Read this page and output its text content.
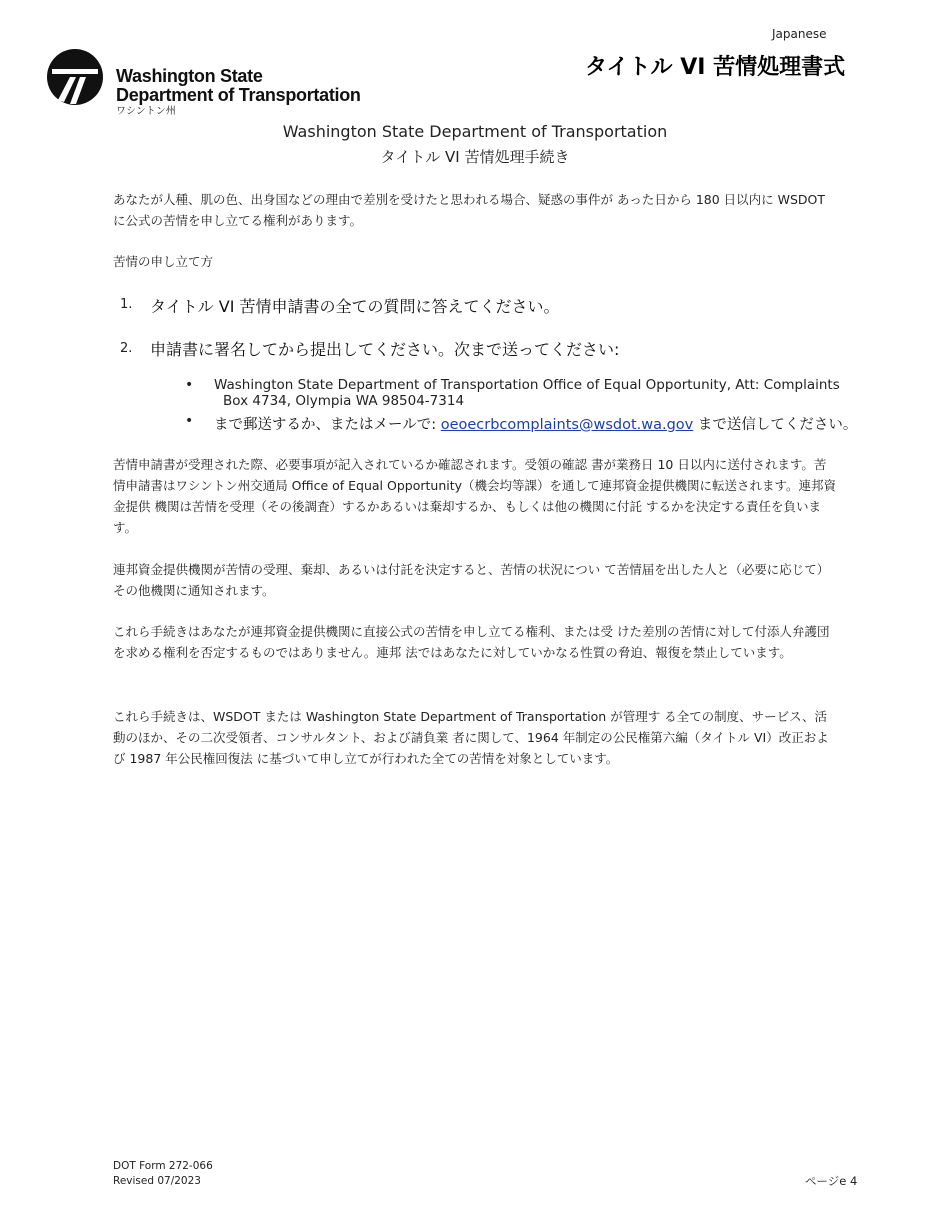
Japanese
タイトル VI 苦情処理書式
Washington State
Department of Transportation
ワシントン州
Washington State Department of Transportation
タイトル VI 苦情処理手続き
あなたが人種、肌の色、出身国などの理由で差別を受けたと思われる場合、疑惑の事件が あった日から 180 日以内に WSDOT に公式の苦情を申し立てる権利があります。
苦情の申し立て方
1. タイトル VI 苦情申請書の全ての質問に答えてください。
2. 申請書に署名してから提出してください。次まで送ってください:
• Washington State Department of Transportation Office of Equal Opportunity, Att: Complaints
Box 4734, Olympia WA 98504-7314
• まで郵送するか、またはメールで: oeoecrbcomplaints@wsdot.wa.gov まで送信してください。
苦情申請書が受理された際、必要事項が記入されているか確認されます。受領の確認 書が業務日 10 日以内に送付されます。苦情申請書はワシントン州交通局 Office of Equal Opportunity（機会均等課）を通して連邦資金提供機関に転送されます。連邦資金提供 機関は苦情を受理（その後調査）するかあるいは棄却するか、もしくは他の機関に付託 するかを決定する責任を負います。
連邦資金提供機関が苦情の受理、棄却、あるいは付託を決定すると、苦情の状況につい て苦情届を出した人と（必要に応じて）その他機関に通知されます。
これら手続きはあなたが連邦資金提供機関に直接公式の苦情を申し立てる権利、または受 けた差別の苦情に対して付添人弁護団を求める権利を否定するものではありません。連邦 法ではあなたに対していかなる性質の脅迫、報復を禁止しています。
これら手続きは、WSDOT または Washington State Department of Transportation が管理す る全ての制度、サービス、活動のほか、その二次受領者、コンサルタント、および請負業 者に関して、1964 年制定の公民権第六編（タイトル VI）改正および 1987 年公民権回復法 に基づいて申し立てが行われた全ての苦情を対象としています。
DOT Form 272-066
Revised 07/2023	ページe 4
